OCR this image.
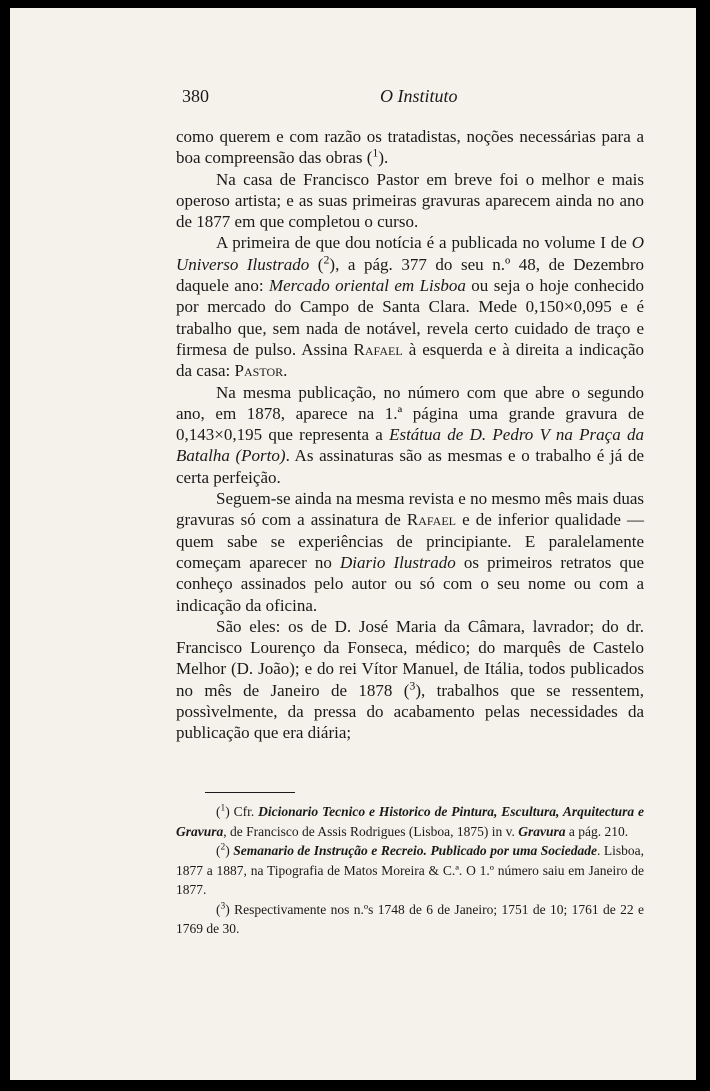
380	O Instituto

como querem e com razão os tratadistas, noções necessárias para a boa compreensão das obras ($^1$).

Na casa de Francisco Pastor em breve foi o melhor e mais operoso artista; e as suas primeiras gravuras aparecem ainda no ano de 1877 em que completou o curso.

A primeira de que dou notícia é a publicada no volume I de O Universo Ilustrado ($^2$), a pág. 377 do seu n.º 48, de Dezembro daquele ano: Mercado oriental em Lisboa ou seja o hoje conhecido por mercado do Campo de Santa Clara. Mede 0,150×0,095 e é trabalho que, sem nada de notável, revela certo cuidado de traço e firmesa de pulso. Assina Rafael à esquerda e à direita a indicação da casa: Pastor.

Na mesma publicação, no número com que abre o segundo ano, em 1878, aparece na 1.ª página uma grande gravura de 0,143×0,195 que representa a Estátua de D. Pedro V na Praça da Batalha (Porto). As assinaturas são as mesmas e o trabalho é já de certa perfeição.

Seguem-se ainda na mesma revista e no mesmo mês mais duas gravuras só com a assinatura de Rafael e de inferior qualidade — quem sabe se experiências de principiante. E paralelamente começam aparecer no Diario Ilustrado os primeiros retratos que conheço assinados pelo autor ou só com o seu nome ou com a indicação da oficina.

São eles: os de D. José Maria da Câmara, lavrador; do dr. Francisco Lourenço da Fonseca, médico; do marquês de Castelo Melhor (D. João); e do rei Vítor Manuel, de Itália, todos publicados no mês de Janeiro de 1878 ($^3$), trabalhos que se ressentem, possìvelmente, da pressa do acabamento pelas necessidades da publicação que era diária;

($^1$) Cfr. Dicionario Tecnico e Historico de Pintura, Escultura, Arquitectura e Gravura, de Francisco de Assis Rodrigues (Lisboa, 1875) in v. Gravura a pág. 210.

($^2$) Semanario de Instrução e Recreio. Publicado por uma Sociedade. Lisboa, 1877 a 1887, na Tipografia de Matos Moreira & C.ª. O 1.º número saiu em Janeiro de 1877.

($^3$) Respectivamente nos n.ºs 1748 de 6 de Janeiro; 1751 de 10; 1761 de 22 e 1769 de 30.
